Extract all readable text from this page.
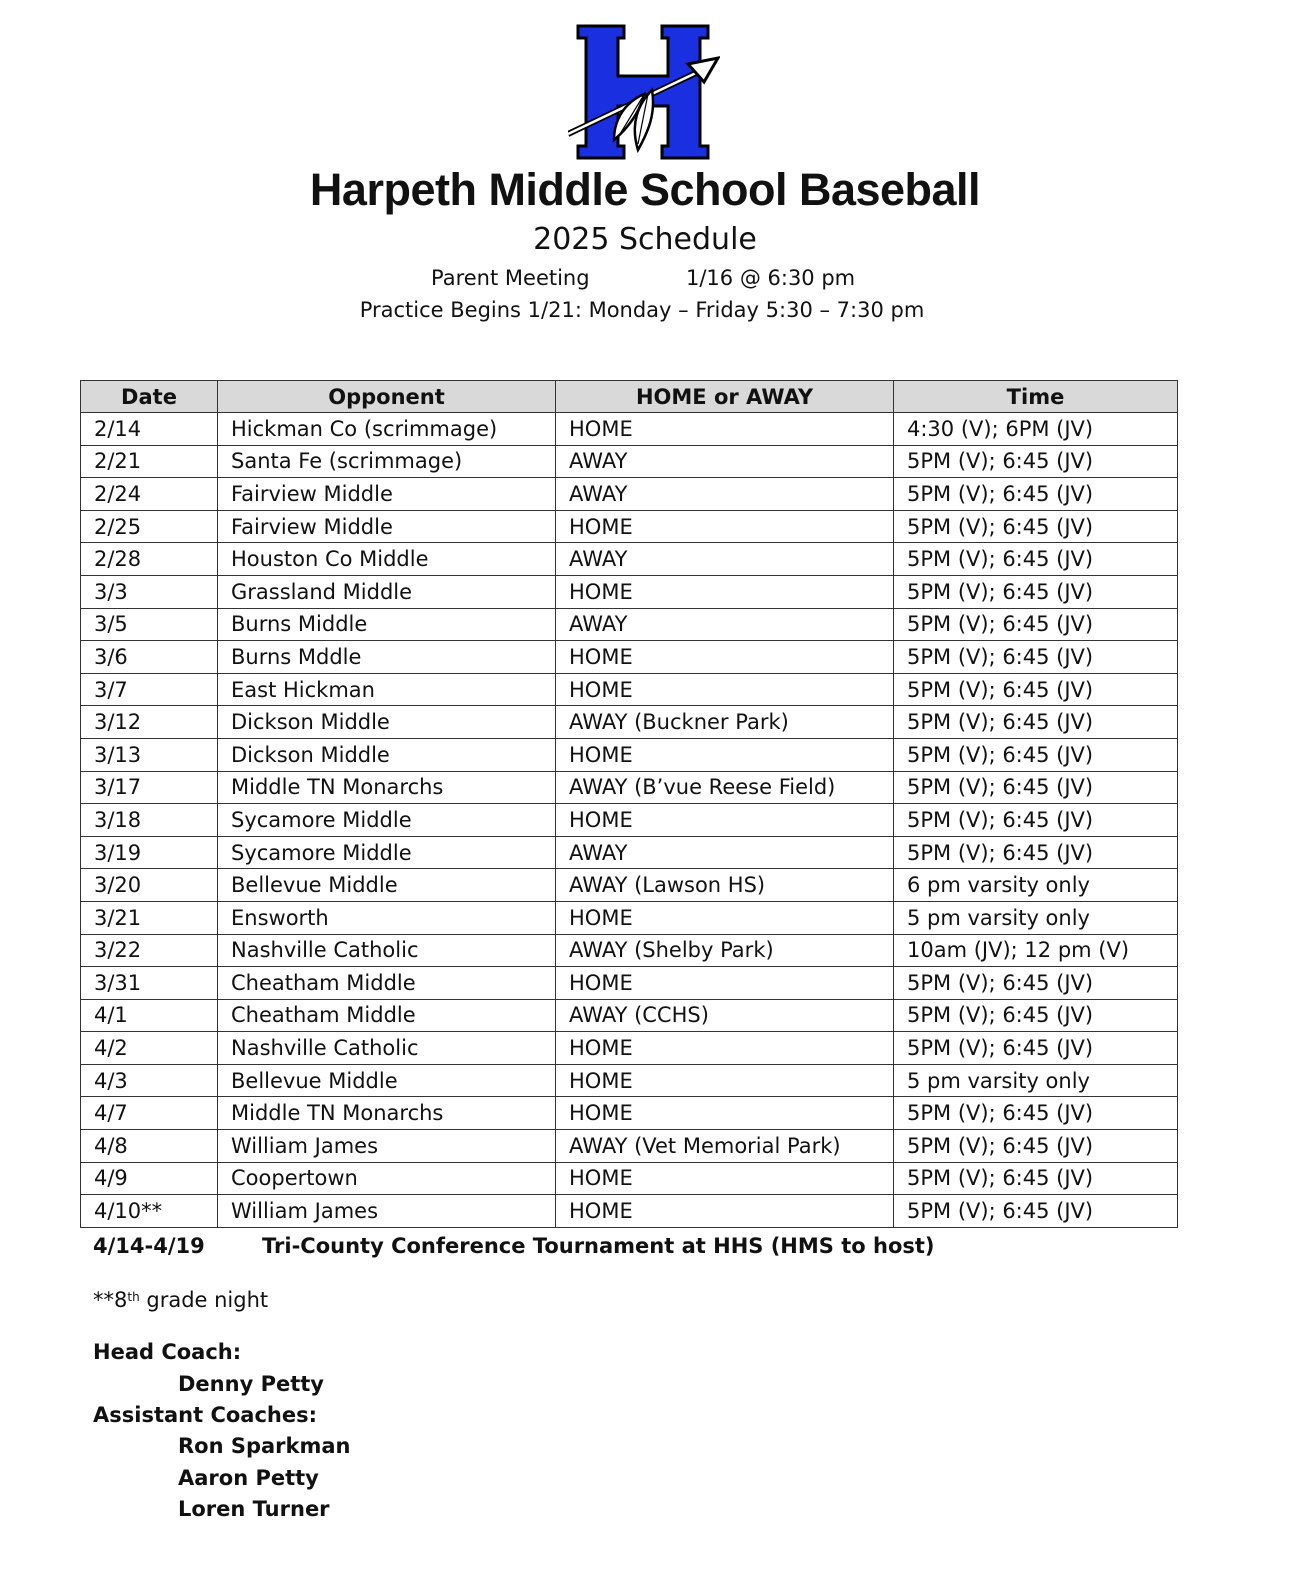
Harpeth Middle School Baseball
2025 Schedule
Parent Meeting	1/16 @ 6:30 pm
Practice Begins 1/21: Monday – Friday 5:30 – 7:30 pm
Date	Opponent	HOME or AWAY	Time
2/14	Hickman Co (scrimmage)	HOME	4:30 (V); 6PM (JV)
2/21	Santa Fe (scrimmage)	AWAY	5PM (V); 6:45 (JV)
2/24	Fairview Middle	AWAY	5PM (V); 6:45 (JV)
2/25	Fairview Middle	HOME	5PM (V); 6:45 (JV)
2/28	Houston Co Middle	AWAY	5PM (V); 6:45 (JV)
3/3	Grassland Middle	HOME	5PM (V); 6:45 (JV)
3/5	Burns Middle	AWAY	5PM (V); 6:45 (JV)
3/6	Burns Mddle	HOME	5PM (V); 6:45 (JV)
3/7	East Hickman	HOME	5PM (V); 6:45 (JV)
3/12	Dickson Middle	AWAY (Buckner Park)	5PM (V); 6:45 (JV)
3/13	Dickson Middle	HOME	5PM (V); 6:45 (JV)
3/17	Middle TN Monarchs	AWAY (B’vue Reese Field)	5PM (V); 6:45 (JV)
3/18	Sycamore Middle	HOME	5PM (V); 6:45 (JV)
3/19	Sycamore Middle	AWAY	5PM (V); 6:45 (JV)
3/20	Bellevue Middle	AWAY (Lawson HS)	6 pm varsity only
3/21	Ensworth	HOME	5 pm varsity only
3/22	Nashville Catholic	AWAY (Shelby Park)	10am (JV); 12 pm (V)
3/31	Cheatham Middle	HOME	5PM (V); 6:45 (JV)
4/1	Cheatham Middle	AWAY (CCHS)	5PM (V); 6:45 (JV)
4/2	Nashville Catholic	HOME	5PM (V); 6:45 (JV)
4/3	Bellevue Middle	HOME	5 pm varsity only
4/7	Middle TN Monarchs	HOME	5PM (V); 6:45 (JV)
4/8	William James	AWAY (Vet Memorial Park)	5PM (V); 6:45 (JV)
4/9	Coopertown	HOME	5PM (V); 6:45 (JV)
4/10**	William James	HOME	5PM (V); 6:45 (JV)
4/14-4/19	Tri-County Conference Tournament at HHS (HMS to host)
**8th grade night
Head Coach:
Denny Petty
Assistant Coaches:
Ron Sparkman
Aaron Petty
Loren Turner
